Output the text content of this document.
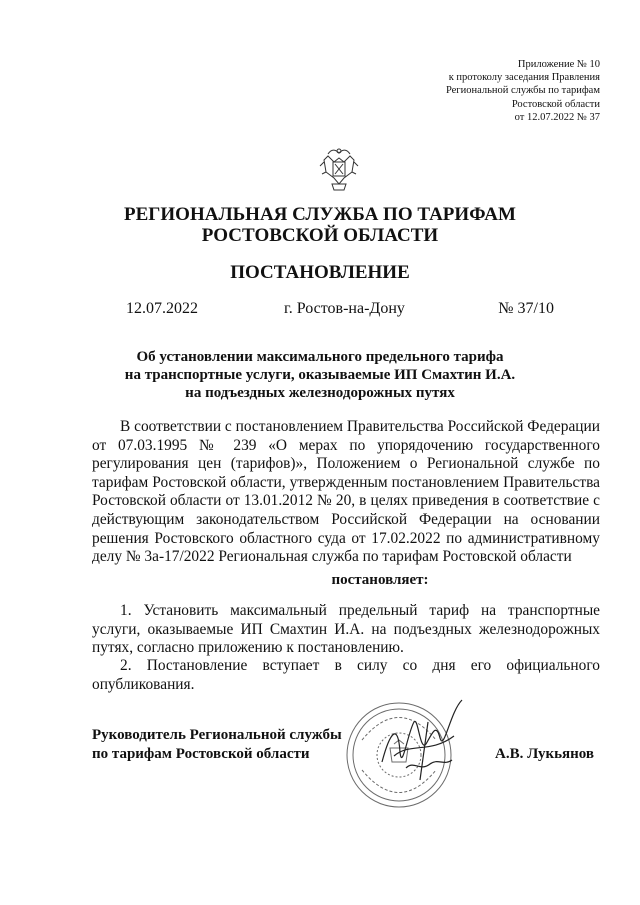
Приложение № 10
к протоколу заседания Правления
Региональной службы по тарифам
Ростовской области
от 12.07.2022 № 37
РЕГИОНАЛЬНАЯ СЛУЖБА ПО ТАРИФАМ
РОСТОВСКОЙ ОБЛАСТИ
ПОСТАНОВЛЕНИЕ
12.07.2022	г. Ростов-на-Дону	№ 37/10
Об установлении максимального предельного тарифа
на транспортные услуги, оказываемые ИП Смахтин И.А.
на подъездных железнодорожных путях
В соответствии с постановлением Правительства Российской Федерации от 07.03.1995 № 239 «О мерах по упорядочению государственного регулирования цен (тарифов)», Положением о Региональной службе по тарифам Ростовской области, утвержденным постановлением Правительства Ростовской области от 13.01.2012 № 20, в целях приведения в соответствие с действующим законодательством Российской Федерации на основании решения Ростовского областного суда от 17.02.2022 по административному делу № 3а-17/2022 Региональная служба по тарифам Ростовской области
постановляет:
1. Установить максимальный предельный тариф на транспортные услуги, оказываемые ИП Смахтин И.А. на подъездных железнодорожных путях, согласно приложению к постановлению.
2. Постановление вступает в силу со дня его официального опубликования.
Руководитель Региональной службы
по тарифам Ростовской области	А.В. Лукьянов
